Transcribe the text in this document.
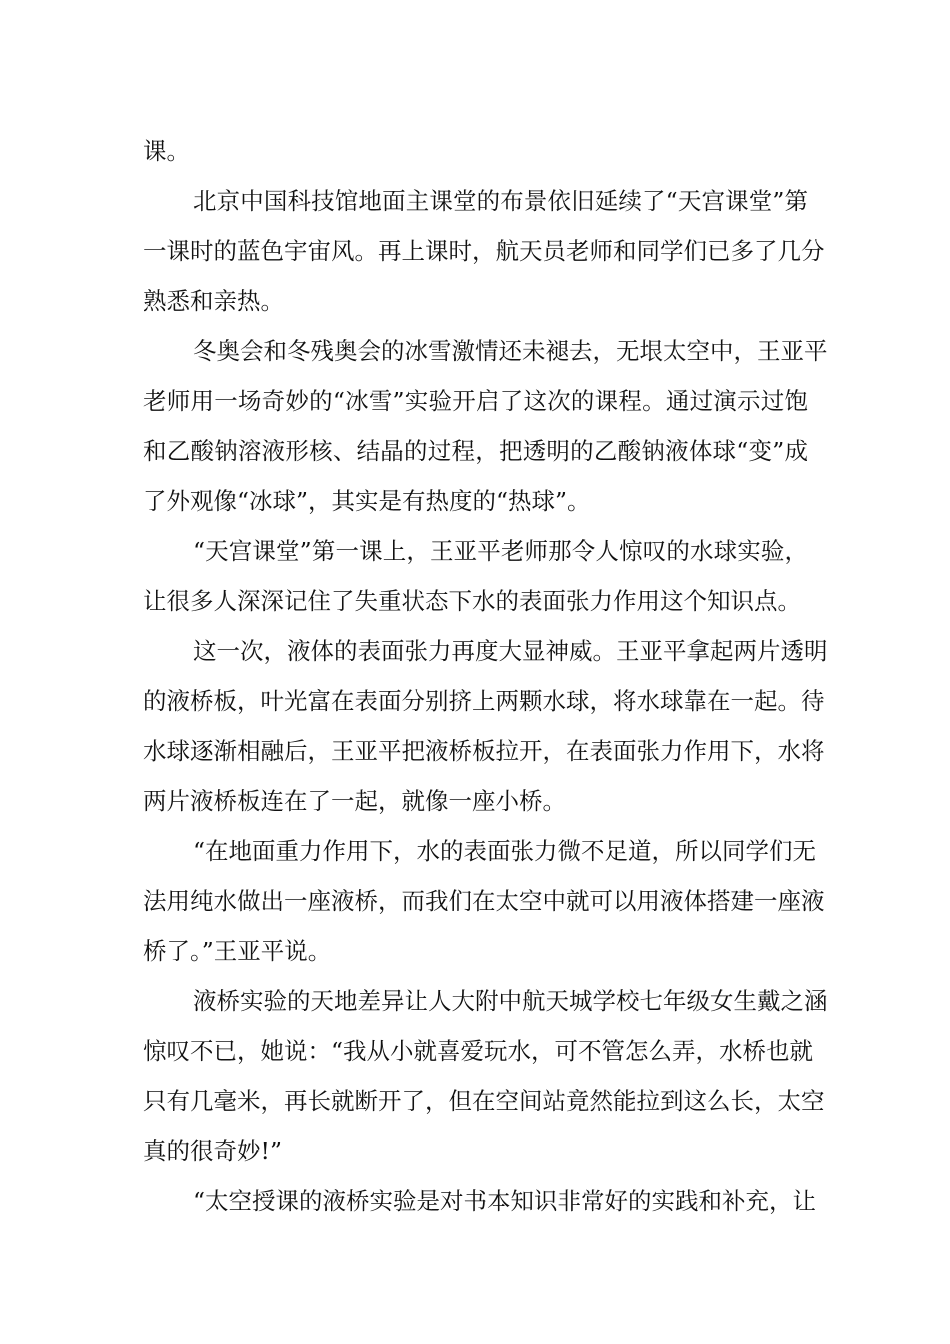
课。
北京中国科技馆地面主课堂的布景依旧延续了“天宫课堂”第
一课时的蓝色宇宙风。再上课时，航天员老师和同学们已多了几分
熟悉和亲热。
冬奥会和冬残奥会的冰雪激情还未褪去，无垠太空中，王亚平
老师用一场奇妙的“冰雪”实验开启了这次的课程。通过演示过饱
和乙酸钠溶液形核、结晶的过程，把透明的乙酸钠液体球“变”成
了外观像“冰球”，其实是有热度的“热球”。
“天宫课堂”第一课上，王亚平老师那令人惊叹的水球实验，
让很多人深深记住了失重状态下水的表面张力作用这个知识点。
这一次，液体的表面张力再度大显神威。王亚平拿起两片透明
的液桥板，叶光富在表面分别挤上两颗水球，将水球靠在一起。待
水球逐渐相融后，王亚平把液桥板拉开，在表面张力作用下，水将
两片液桥板连在了一起，就像一座小桥。
“在地面重力作用下，水的表面张力微不足道，所以同学们无
法用纯水做出一座液桥，而我们在太空中就可以用液体搭建一座液
桥了。”王亚平说。
液桥实验的天地差异让人大附中航天城学校七年级女生戴之涵
惊叹不已，她说：“我从小就喜爱玩水，可不管怎么弄，水桥也就
只有几毫米，再长就断开了，但在空间站竟然能拉到这么长，太空
真的很奇妙!”
“太空授课的液桥实验是对书本知识非常好的实践和补充，让
